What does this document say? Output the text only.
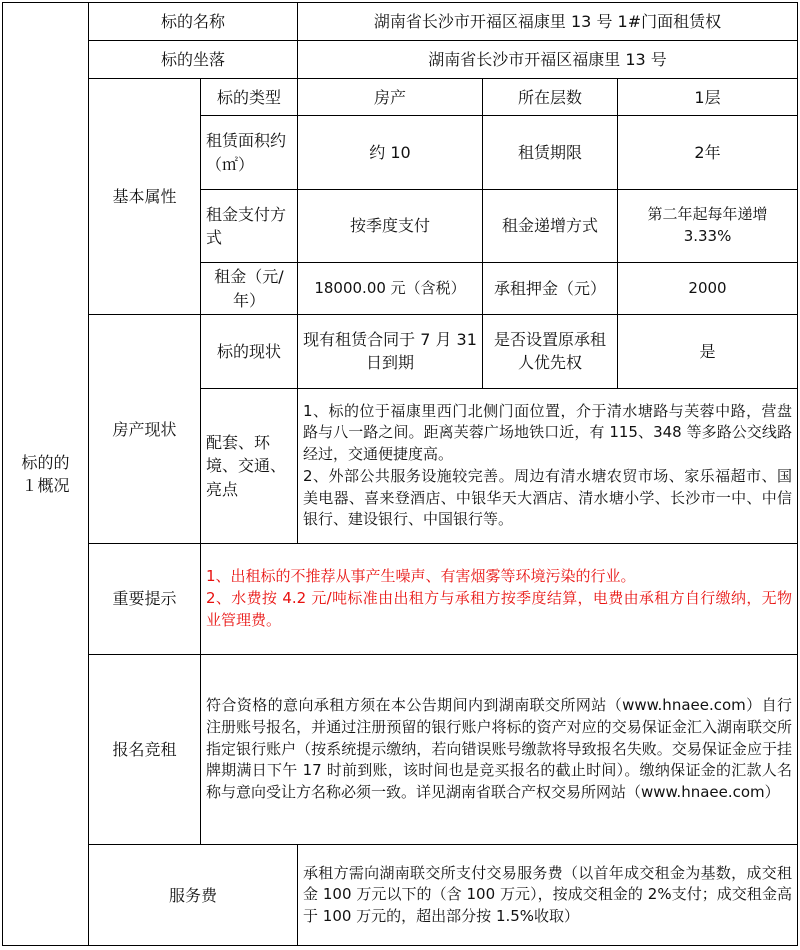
标的的１概况	标的名称		湖南省长沙市开福区福康里 13 号 1#门面租赁权		
	标的坐落		湖南省长沙市开福区福康里 13 号		
	基本属性	标的类型	房产	所在层数	1层
		租赁面积约（㎡）	约 10	租赁期限	2年
		租金支付方式	按季度支付	租金递增方式	第二年起每年递增 3.33%
		租金（元/年）	18000.00 元（含税）	承租押金（元）	2000
	房产现状	标的现状	现有租赁合同于 7 月 31 日到期	是否设置原承租人优先权	是
		配套、环境、交通、亮点	1、标的位于福康里西门北侧门面位置，介于清水塘路与芙蓉中路，营盘路与八一路之间。距离芙蓉广场地铁口近，有 115、348 等多路公交线路经过，交通便捷度高。

2、外部公共服务设施较完善。周边有清水塘农贸市场、家乐福超市、国美电器、喜来登酒店、中银华天大酒店、清水塘小学、长沙市一中、中信银行、建设银行、中国银行等。		

	重要提示	1、出租标的不推荐从事产生噪声、有害烟雾等环境污染的行业。

2、水费按 4.2 元/吨标准由出租方与承租方按季度结算，电费由承租方自行缴纳，无物业管理费。			

	报名竞租	符合资格的意向承租方须在本公告期间内到湖南联交所网站（www.hnaee.com）自行注册账号报名，并通过注册预留的银行账户将标的资产对应的交易保证金汇入湖南联交所指定银行账户（按系统提示缴纳，若向错误账号缴款将导致报名失败。交易保证金应于挂牌期满日下午 17 时前到账，该时间也是竞买报名的截止时间）。缴纳保证金的汇款人名称与意向受让方名称必须一致。详见湖南省联合产权交易所网站（www.hnaee.com）			
	服务费		承租方需向湖南联交所支付交易服务费（以首年成交租金为基数，成交租金 100 万元以下的（含 100 万元），按成交租金的 2%支付；成交租金高于 100 万元的，超出部分按 1.5%收取）		
